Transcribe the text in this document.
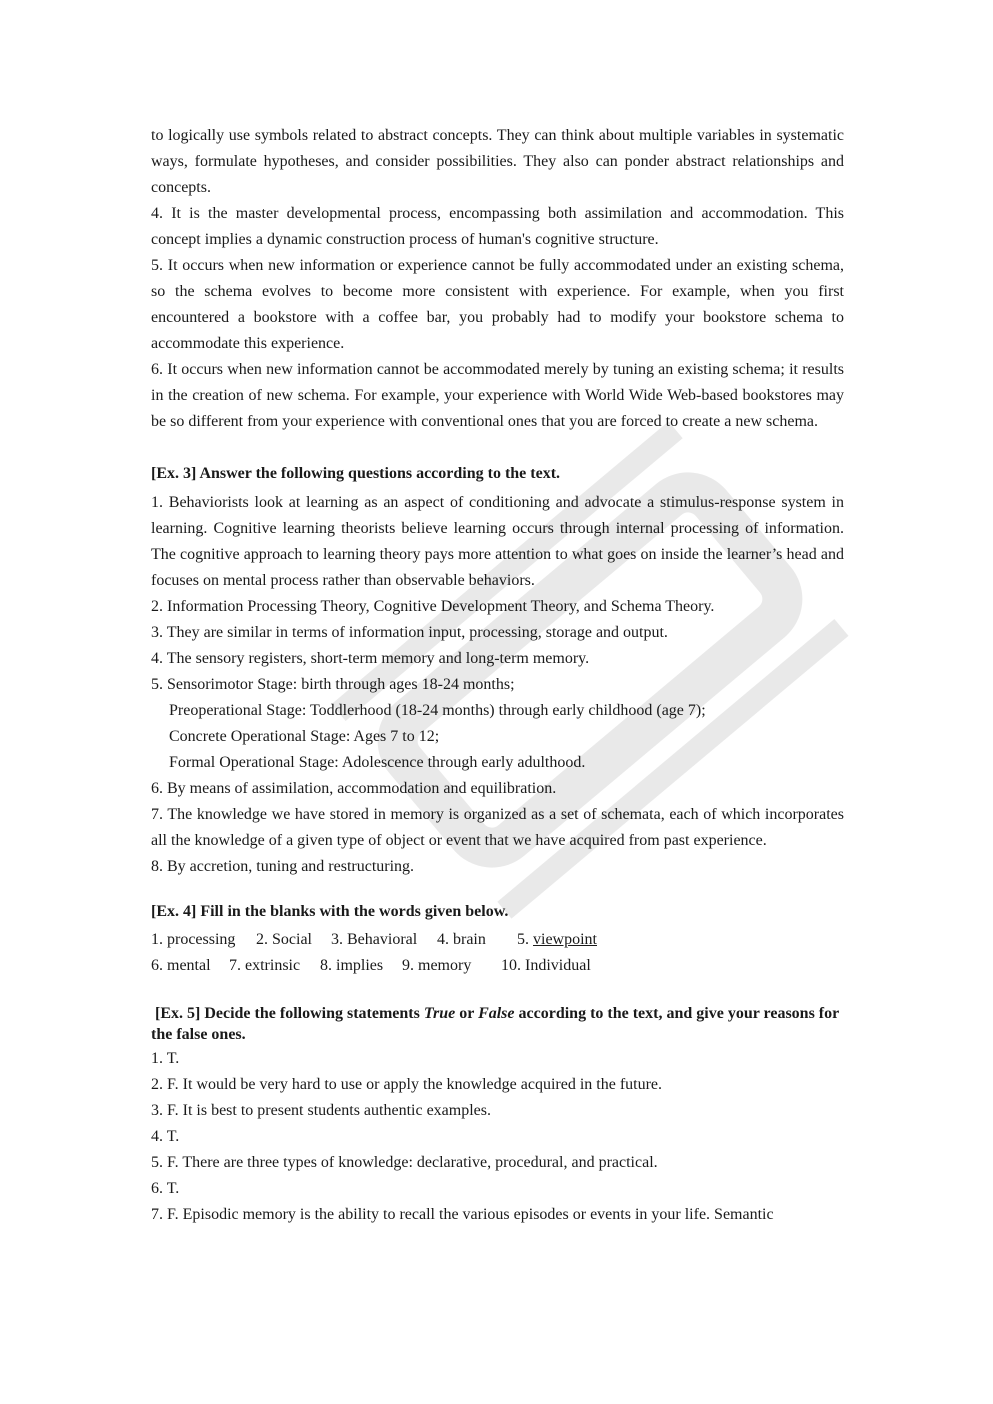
to logically use symbols related to abstract concepts. They can think about multiple variables in systematic ways, formulate hypotheses, and consider possibilities. They also can ponder abstract relationships and concepts.

4. It is the master developmental process, encompassing both assimilation and accommodation. This concept implies a dynamic construction process of human's cognitive structure.

5. It occurs when new information or experience cannot be fully accommodated under an existing schema, so the schema evolves to become more consistent with experience. For example, when you first encountered a bookstore with a coffee bar, you probably had to modify your bookstore schema to accommodate this experience.

6. It occurs when new information cannot be accommodated merely by tuning an existing schema; it results in the creation of new schema. For example, your experience with World Wide Web-based bookstores may be so different from your experience with conventional ones that you are forced to create a new schema.

[Ex. 3] Answer the following questions according to the text.

1. Behaviorists look at learning as an aspect of conditioning and advocate a stimulus-response system in learning. Cognitive learning theorists believe learning occurs through internal processing of information. The cognitive approach to learning theory pays more attention to what goes on inside the learner’s head and focuses on mental process rather than observable behaviors.

2. Information Processing Theory, Cognitive Development Theory, and Schema Theory.

3. They are similar in terms of information input, processing, storage and output.

4. The sensory registers, short-term memory and long-term memory.

5. Sensorimotor Stage: birth through ages 18-24 months;

Preoperational Stage: Toddlerhood (18-24 months) through early childhood (age 7);

Concrete Operational Stage: Ages 7 to 12;

Formal Operational Stage: Adolescence through early adulthood.

6. By means of assimilation, accommodation and equilibration.

7. The knowledge we have stored in memory is organized as a set of schemata, each of which incorporates all the knowledge of a given type of object or event that we have acquired from past experience.

8. By accretion, tuning and restructuring.

[Ex. 4] Fill in the blanks with the words given below.

1. processing 2. Social 3. Behavioral 4. brain 5. viewpoint
6. mental 7. extrinsic 8. implies 9. memory 10. Individual

[Ex. 5] Decide the following statements True or False according to the text, and give your reasons for the false ones.

1. T.

2. F. It would be very hard to use or apply the knowledge acquired in the future.

3. F. It is best to present students authentic examples.

4. T.

5. F. There are three types of knowledge: declarative, procedural, and practical.

6. T.

7. F. Episodic memory is the ability to recall the various episodes or events in your life. Semantic
